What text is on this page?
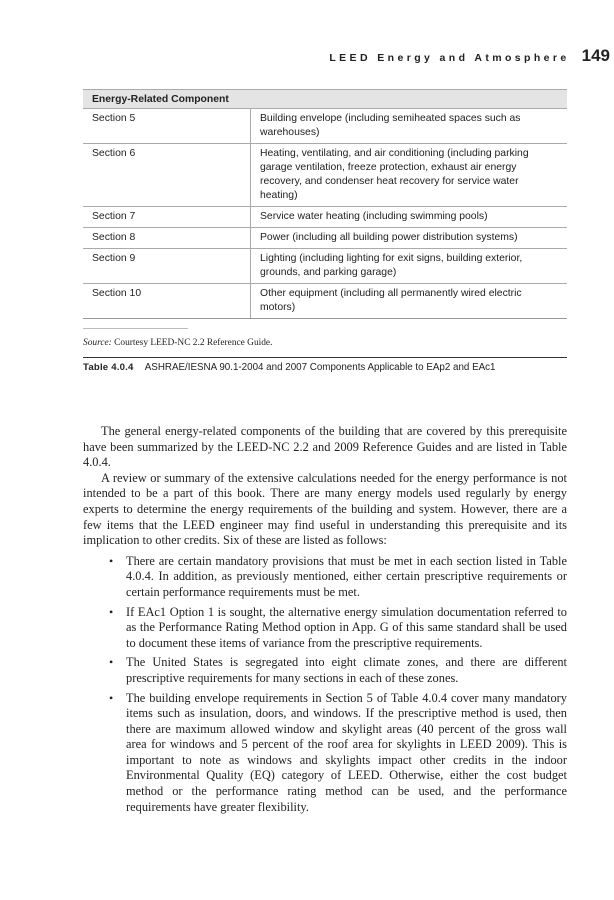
LEED Energy and Atmosphere 149
Energy-Related Component	
Section 5	Building envelope (including semiheated spaces such as warehouses)
Section 6	Heating, ventilating, and air conditioning (including parking garage ventilation, freeze protection, exhaust air energy recovery, and condenser heat recovery for service water heating)
Section 7	Service water heating (including swimming pools)
Section 8	Power (including all building power distribution systems)
Section 9	Lighting (including lighting for exit signs, building exterior, grounds, and parking garage)
Section 10	Other equipment (including all permanently wired electric motors)
Source: Courtesy LEED-NC 2.2 Reference Guide.
Table 4.0.4 ASHRAE/IESNA 90.1-2004 and 2007 Components Applicable to EAp2 and EAc1

The general energy-related components of the building that are covered by this prerequisite have been summarized by the LEED-NC 2.2 and 2009 Reference Guides and are listed in Table 4.0.4.

A review or summary of the extensive calculations needed for the energy performance is not intended to be a part of this book. There are many energy models used regularly by energy experts to determine the energy requirements of the building and system. However, there are a few items that the LEED engineer may find useful in understanding this prerequisite and its implication to other credits. Six of these are listed as follows:

• There are certain mandatory provisions that must be met in each section listed in Table 4.0.4. In addition, as previously mentioned, either certain prescriptive requirements or certain performance requirements must be met.
• If EAc1 Option 1 is sought, the alternative energy simulation documentation referred to as the Performance Rating Method option in App. G of this same standard shall be used to document these items of variance from the prescriptive requirements.
• The United States is segregated into eight climate zones, and there are different prescriptive requirements for many sections in each of these zones.
• The building envelope requirements in Section 5 of Table 4.0.4 cover many mandatory items such as insulation, doors, and windows. If the prescriptive method is used, then there are maximum allowed window and skylight areas (40 percent of the gross wall area for windows and 5 percent of the roof area for skylights in LEED 2009). This is important to note as windows and skylights impact other credits in the indoor Environmental Quality (EQ) category of LEED. Otherwise, either the cost budget method or the performance rating method can be used, and the performance requirements have greater flexibility.
